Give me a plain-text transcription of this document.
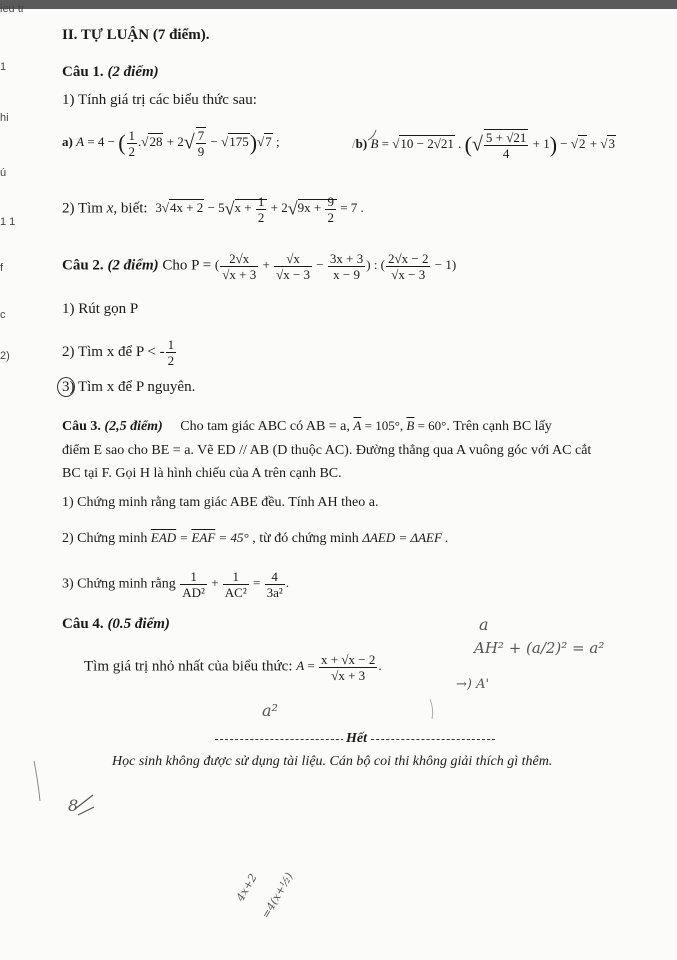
ieu tr
1
hi
ú
1 1
f
c
2)
II. TỰ LUẬN (7 điểm).
Câu 1. (2 điểm)
1) Tính giá trị các biểu thức sau:
a) A = 4 − ( $\frac{1}{2} .√28 + 2√ \frac{7}{9} - √175)√7$ ;	/b) B = √10 − 2√21 . (√ $\frac{5 + √21}{4} + 1) - √2 + √3$
2) Tìm x, biết: $3√4x + 2 - 5√x + \frac{1}{2} + 2√9x + \frac{9}{2} = 7$ .
Câu 2. (2 điểm) Cho P = ( $\frac{2√x}{√x + 3} + \frac{√x}{√x - 3} - \frac{3x + 3}{x - 9}$ ) : ( $\frac{2√x - 2}{√x - 3} - 1$)
1) Rút gọn P
2) Tìm x để P < - $\frac{1}{2}$
3) Tìm x để P nguyên.
Câu 3. (2,5 điểm) Cho tam giác ABC có AB = a, $\overline{A} = 105^\circ$, $\overline{B} = 60^\circ$. Trên cạnh BC lấy
điểm E sao cho BE = a. Vẽ ED // AB (D thuộc AC). Đường thẳng qua A vuông góc với AC cắt
BC tại F. Gọi H là hình chiếu của A trên cạnh BC.
1) Chứng minh rằng tam giác ABE đều. Tính AH theo a.
2) Chứng minh $\overline{EAD} = \overline{EAF} = 45^\circ$ , từ đó chứng minh ΔAED = ΔAEF .
3) Chứng minh rằng $\frac{1}{\text{AD²}} + \frac{1}{\text{AC²}} = \frac{4}{\text{3a²}}$ .
Câu 4. (0.5 điểm)
Tìm giá trị nhỏ nhất của biểu thức: $A = \frac{x + √x - 2}{√x + 3}$ .
Hết
Học sinh không được sử dụng tài liệu. Cán bộ coi thi không giải thích gì thêm.
a
AH² + (a/2)² = a²
a²
→) A'
4x+2 =4(x+½)
8
